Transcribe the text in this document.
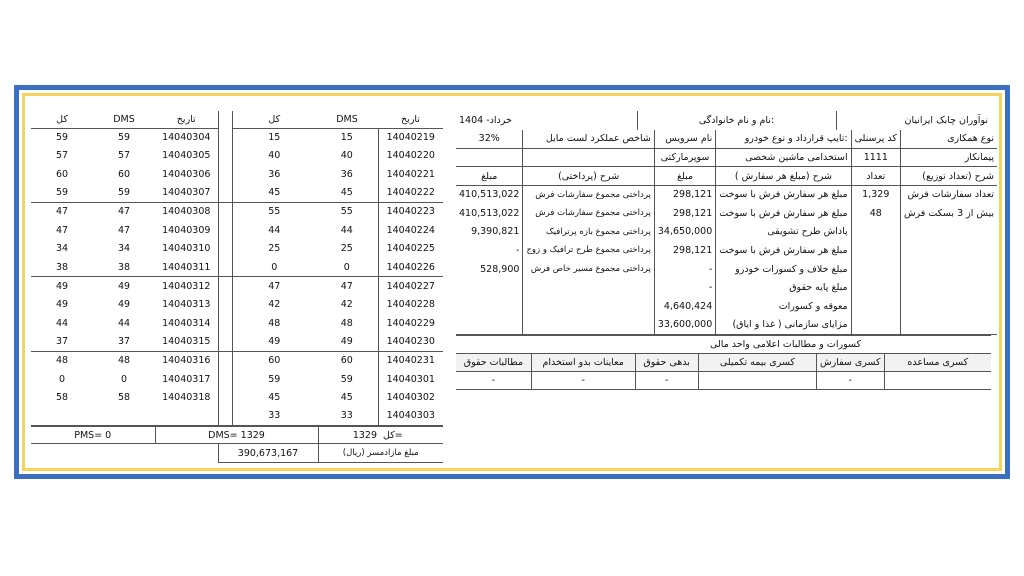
کل	DMS	تاریخ		کل	DMS	تاریخ
59	59	14040304		15	15	14040219
57	57	14040305		40	40	14040220
60	60	14040306		36	36	14040221
59	59	14040307		45	45	14040222
47	47	14040308		55	55	14040223
47	47	14040309		44	44	14040224
34	34	14040310		25	25	14040225
38	38	14040311		0	0	14040226
49	49	14040312		47	47	14040227
49	49	14040313		42	42	14040228
44	44	14040314		48	48	14040229
37	37	14040315		49	49	14040230
48	48	14040316		60	60	14040231
0	0	14040317		59	59	14040301
58	58	14040318		45	45	14040302
				33	33	14040303
PMS= 0	DMS= 1329	1329	کل=
	390,673,167	مبلغ مازادمسر (ریال)
خرداد- 1404	نام و نام خانوادگی:	نوآوران چابک ایرانیان
32%	شاخص عملکرد لست مایل	نام سرویس	تایپ قرارداد و نوع خودرو:	کد پرسنلی	نوع همکاری
		سوپرمارکتی	استخدامی ماشین شخصی	1111	پیمانکار
مبلغ	شرح (پرداختی)	مبلغ	شرح (مبلغ هر سفارش )	تعداد	شرح (تعداد توزیع)
410,513,022	پرداختی مجموع سفارشات فرش	298,121	مبلغ هر سفارش فرش با سوخت	1,329	تعداد سفارشات فرش
410,513,022	پرداختی مجموع سفارشات فرش	298,121	مبلغ هر سفارش فرش با سوخت	48	بیش از 3 بسکت فرش
9,390,821	پرداختی مجموع بازه پرترافیک	34,650,000	پاداش طرح تشویقی		
-	پرداختی مجموع طرح ترافیک و زوج	298,121	مبلغ هر سفارش فرش با سوخت		
528,900	پرداختی مجموع مسیر خاص فرش	-	مبلغ خلاف و کسورات خودرو		
		-	مبلغ پایه حقوق		
		4,640,424	معوقه و کسورات		
		33,600,000	مزایای سازمانی ( غذا و ایاق)		
کسورات و مطالبات اعلامی واحد مالی					
مطالبات حقوق	معاینات بدو استخدام	بدهی حقوق	کسری بیمه تکمیلی	کسری سفارش	کسری مساعده
-	-	-		-	
